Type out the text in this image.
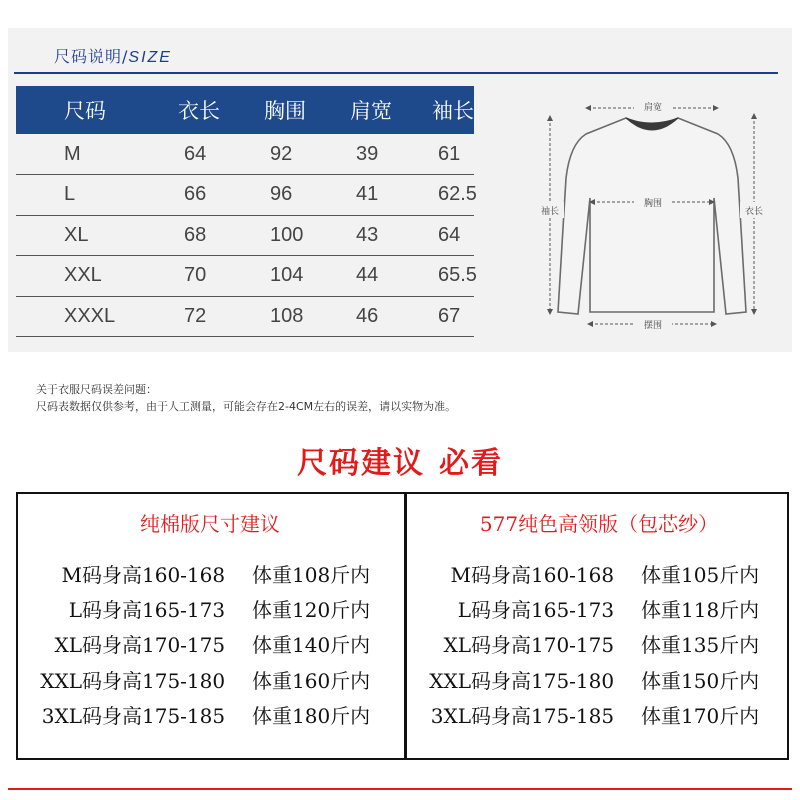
尺码说明/SIZE
尺码	衣长	胸围	肩宽	袖长
M	64	92	39	61
L	66	96	41	62.5
XL	68	100	43	64
XXL	70	104	44	65.5
XXXL	72	108	46	67
肩宽
胸围
袖长	衣长
摆围
关于衣服尺码误差问题：
尺码表数据仅供参考，由于人工测量，可能会存在2-4CM左右的误差，请以实物为准。
尺码建议 必看
纯棉版尺寸建议
M码 身高160-168 体重108斤内
L码 身高165-173 体重120斤内
XL码 身高170-175 体重140斤内
XXL码 身高175-180 体重160斤内
3XL码 身高175-185 体重180斤内
577纯色高领版（包芯纱）
M码 身高160-168 体重105斤内
L码 身高165-173 体重118斤内
XL码 身高170-175 体重135斤内
XXL码 身高175-180 体重150斤内
3XL码 身高175-185 体重170斤内
